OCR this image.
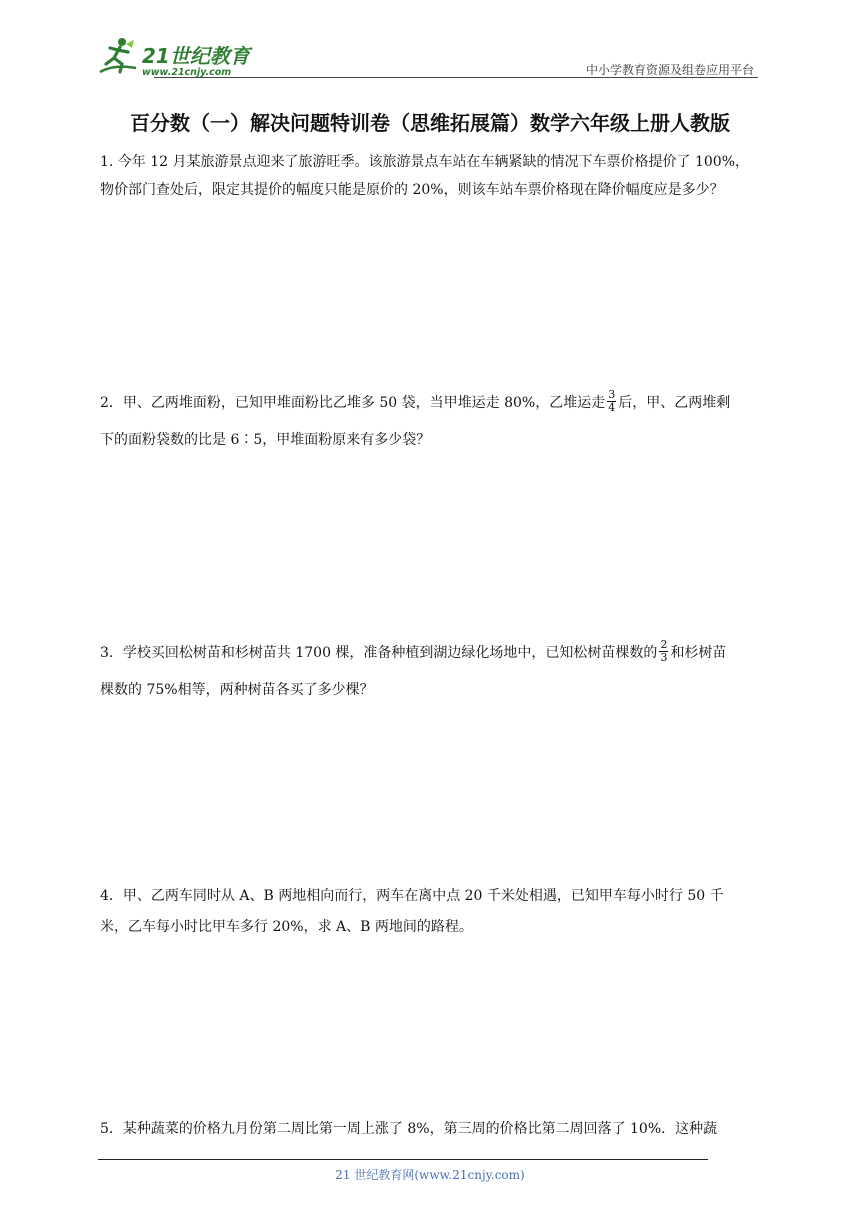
21世纪教育
www.21cnjy.com	中小学教育资源及组卷应用平台
百分数（一）解决问题特训卷（思维拓展篇）数学六年级上册人教版

1. 今年 12 月某旅游景点迎来了旅游旺季。该旅游景点车站在车辆紧缺的情况下车票价格提价了 100%，

物价部门查处后，限定其提价的幅度只能是原价的 20%，则该车站车票价格现在降价幅度应是多少？

2．甲、乙两堆面粉，已知甲堆面粉比乙堆多 50 袋，当甲堆运走 80%，乙堆运走 $\frac{3}{4}$ 后，甲、乙两堆剩

下的面粉袋数的比是 6∶5，甲堆面粉原来有多少袋？

3．学校买回松树苗和杉树苗共 1700 棵，准备种植到湖边绿化场地中，已知松树苗棵数的 $\frac{2}{3}$ 和杉树苗

棵数的 75%相等，两种树苗各买了多少棵？

4．甲、乙两车同时从 A、B 两地相向而行，两车在离中点 20 千米处相遇，已知甲车每小时行 50 千

米，乙车每小时比甲车多行 20%，求 A、B 两地间的路程。

5．某种蔬菜的价格九月份第二周比第一周上涨了 8%，第三周的价格比第二周回落了 10%．这种蔬

21 世纪教育网(www.21cnjy.com)
